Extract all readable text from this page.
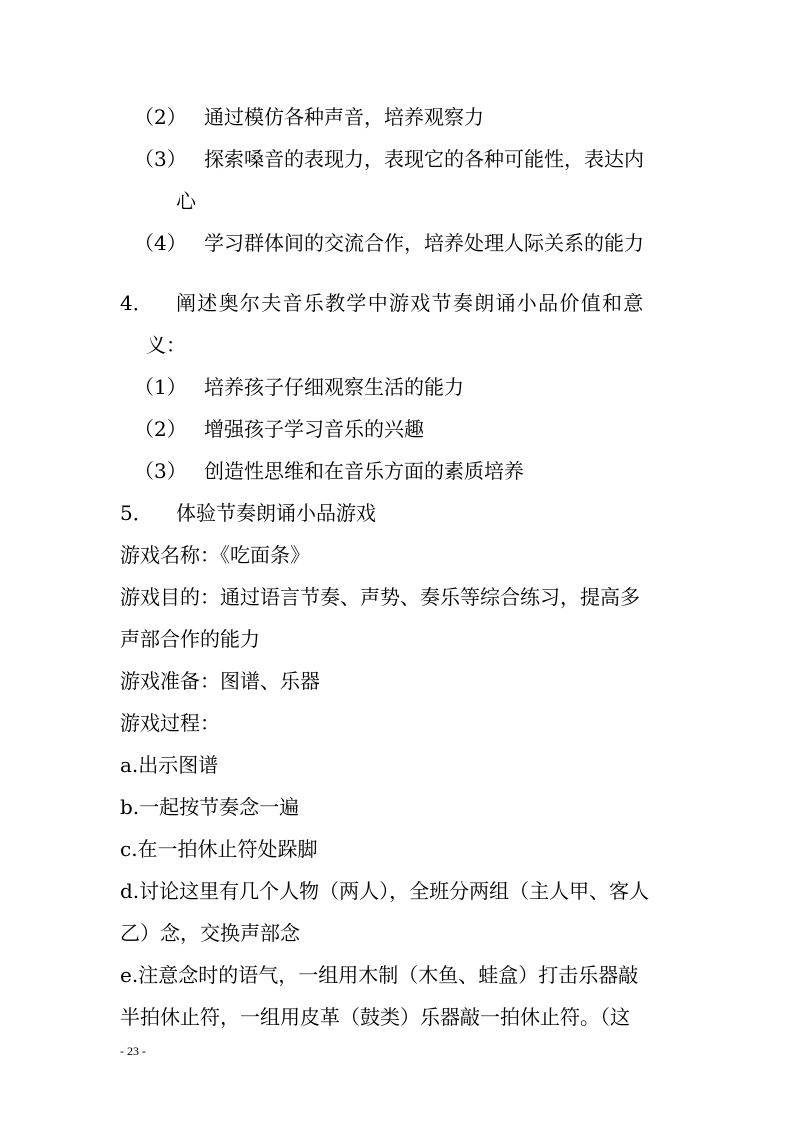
（2） 通过模仿各种声音，培养观察力
（3） 探索嗓音的表现力，表现它的各种可能性，表达内
心
（4） 学习群体间的交流合作，培养处理人际关系的能力
4． 阐述奥尔夫音乐教学中游戏节奏朗诵小品价值和意
义：
（1） 培养孩子仔细观察生活的能力
（2） 增强孩子学习音乐的兴趣
（3） 创造性思维和在音乐方面的素质培养
5． 体验节奏朗诵小品游戏
游戏名称：《吃面条》
游戏目的：通过语言节奏、声势、奏乐等综合练习，提高多
声部合作的能力
游戏准备：图谱、乐器
游戏过程：
a.出示图谱
b.一起按节奏念一遍
c.在一拍休止符处跺脚
d.讨论这里有几个人物（两人），全班分两组（主人甲、客人
乙）念，交换声部念
e.注意念时的语气，一组用木制（木鱼、蛙盒）打击乐器敲
半拍休止符，一组用皮革（鼓类）乐器敲一拍休止符。（这
- 23 -
